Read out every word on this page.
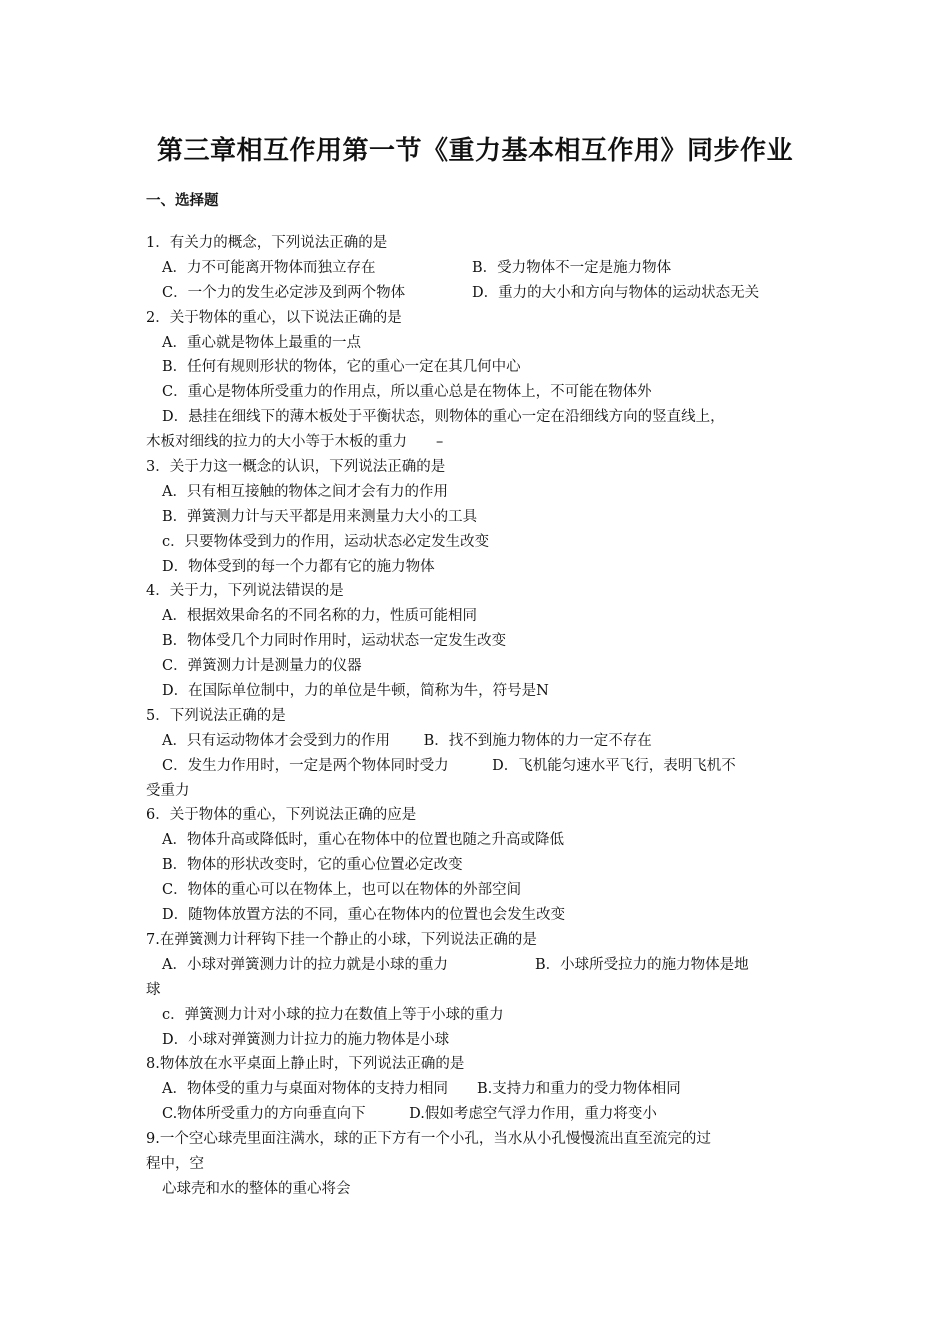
第三章相互作用第一节《重力基本相互作用》同步作业
一、选择题
1．有关力的概念，下列说法正确的是
A．力不可能离开物体而独立存在	B．受力物体不一定是施力物体
C．一个力的发生必定涉及到两个物体	D．重力的大小和方向与物体的运动状态无关
2．关于物体的重心，以下说法正确的是
A．重心就是物体上最重的一点
B．任何有规则形状的物体，它的重心一定在其几何中心
C．重心是物体所受重力的作用点，所以重心总是在物体上，不可能在物体外
D．悬挂在细线下的薄木板处于平衡状态，则物体的重心一定在沿细线方向的竖直线上，
木板对细线的拉力的大小等于木板的重力　　–
3．关于力这一概念的认识，下列说法正确的是
A．只有相互接触的物体之间才会有力的作用
B．弹簧测力计与天平都是用来测量力大小的工具
c．只要物体受到力的作用，运动状态必定发生改变
D．物体受到的每一个力都有它的施力物体
4．关于力，下列说法错误的是
A．根据效果命名的不同名称的力，性质可能相同
B．物体受几个力同时作用时，运动状态一定发生改变
C．弹簧测力计是测量力的仪器
D．在国际单位制中，力的单位是牛顿，简称为牛，符号是N
5．下列说法正确的是
A．只有运动物体才会受到力的作用　　 B．找不到施力物体的力一定不存在
C．发生力作用时，一定是两个物体同时受力　　　D．飞机能匀速水平飞行，表明飞机不
受重力
6．关于物体的重心，下列说法正确的应是
A．物体升高或降低时，重心在物体中的位置也随之升高或降低
B．物体的形状改变时，它的重心位置必定改变
C．物体的重心可以在物体上，也可以在物体的外部空间
D．随物体放置方法的不同，重心在物体内的位置也会发生改变
7.在弹簧测力计秤钩下挂一个静止的小球，下列说法正确的是
A．小球对弹簧测力计的拉力就是小球的重力　　　　　　B．小球所受拉力的施力物体是地
球
c．弹簧测力计对小球的拉力在数值上等于小球的重力
D．小球对弹簧测力计拉力的施力物体是小球
8.物体放在水平桌面上静止时，下列说法正确的是
A．物体受的重力与桌面对物体的支持力相同　　B.支持力和重力的受力物体相同
C.物体所受重力的方向垂直向下　　　D.假如考虑空气浮力作用，重力将变小
9.一个空心球壳里面注满水，球的正下方有一个小孔，当水从小孔慢慢流出直至流完的过
程中，空
心球壳和水的整体的重心将会
